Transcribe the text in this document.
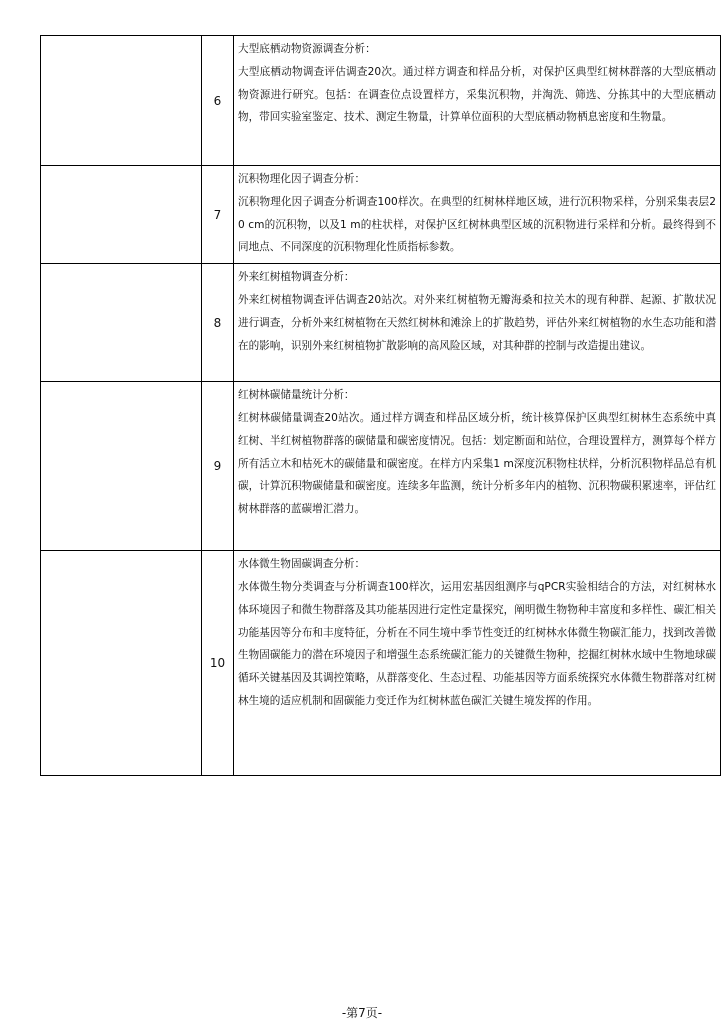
	6	大型底栖动物资源调查分析：
大型底栖动物调查评估调查20次。通过样方调查和样品分析，对保护区典型红树林群落的大型底栖动物资源进行研究。包括：在调查位点设置样方，采集沉积物，并淘洗、筛选、分拣其中的大型底栖动物，带回实验室鉴定、技术、测定生物量，计算单位面积的大型底栖动物栖息密度和生物量。

	7	沉积物理化因子调查分析：
沉积物理化因子调查分析调查100样次。在典型的红树林样地区域，进行沉积物采样，分别采集表层20 cm的沉积物，以及1 m的柱状样，对保护区红树林典型区域的沉积物进行采样和分析。最终得到不同地点、不同深度的沉积物理化性质指标参数。

	8	外来红树植物调查分析：
外来红树植物调查评估调查20站次。对外来红树植物无瓣海桑和拉关木的现有种群、起源、扩散状况进行调查，分析外来红树植物在天然红树林和滩涂上的扩散趋势，评估外来红树植物的水生态功能和潜在的影响，识别外来红树植物扩散影响的高风险区域，对其种群的控制与改造提出建议。

	9	红树林碳储量统计分析：
红树林碳储量调查20站次。通过样方调查和样品区域分析，统计核算保护区典型红树林生态系统中真红树、半红树植物群落的碳储量和碳密度情况。包括：划定断面和站位，合理设置样方，测算每个样方所有活立木和枯死木的碳储量和碳密度。在样方内采集1 m深度沉积物柱状样，分析沉积物样品总有机碳，计算沉积物碳储量和碳密度。连续多年监测，统计分析多年内的植物、沉积物碳积累速率，评估红树林群落的蓝碳增汇潜力。

	10	水体微生物固碳调查分析：
水体微生物分类调查与分析调查100样次，运用宏基因组测序与qPCR实验相结合的方法，对红树林水体环境因子和微生物群落及其功能基因进行定性定量探究，阐明微生物物种丰富度和多样性、碳汇相关功能基因等分布和丰度特征，分析在不同生境中季节性变迁的红树林水体微生物碳汇能力，找到改善微生物固碳能力的潜在环境因子和增强生态系统碳汇能力的关键微生物种，挖掘红树林水域中生物地球碳循环关键基因及其调控策略，从群落变化、生态过程、功能基因等方面系统探究水体微生物群落对红树林生境的适应机制和固碳能力变迁作为红树林蓝色碳汇关键生境发挥的作用。
-第7页-
